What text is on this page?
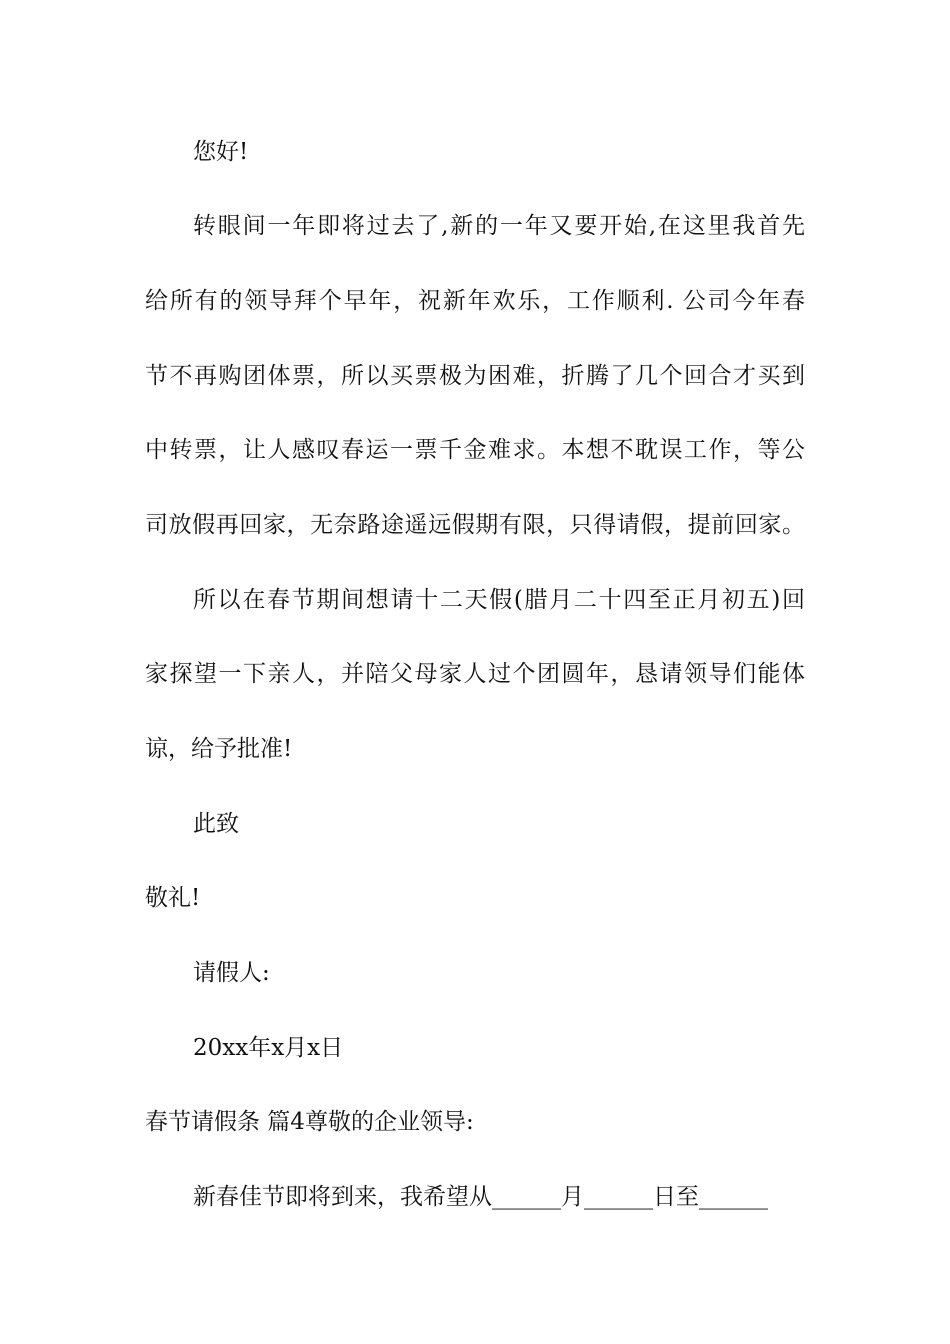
您好!
转眼间一年即将过去了,新的一年又要开始,在这里我首先
给所有的领导拜个早年，祝新年欢乐，工作顺利. 公司今年春
节不再购团体票，所以买票极为困难，折腾了几个回合才买到
中转票，让人感叹春运一票千金难求。本想不耽误工作，等公
司放假再回家，无奈路途遥远假期有限，只得请假，提前回家。
所以在春节期间想请十二天假(腊月二十四至正月初五)回
家探望一下亲人，并陪父母家人过个团圆年，恳请领导们能体
谅，给予批准!
此致
敬礼!
请假人:
20xx年x月x日
春节请假条 篇4尊敬的企业领导:
新春佳节即将到来，我希望从______月______日至______
